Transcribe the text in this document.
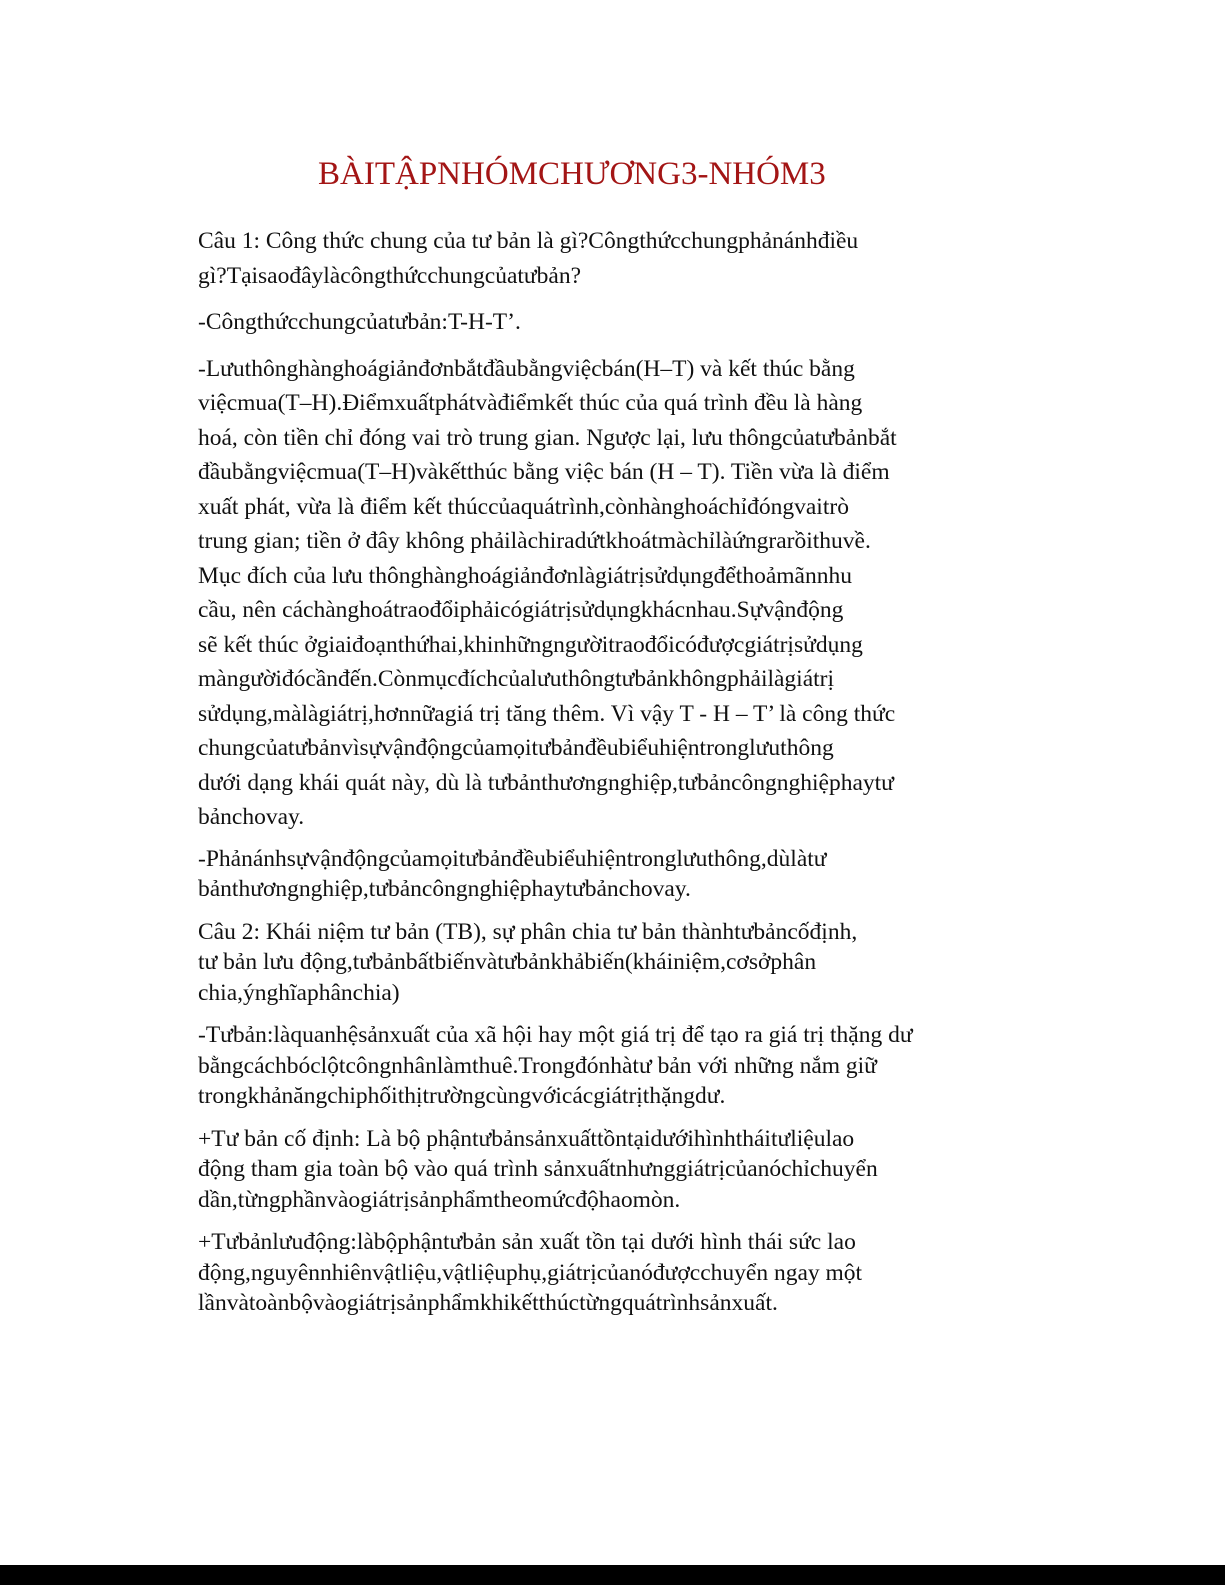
BÀITẬPNHÓMCHƯƠNG3-NHÓM3
Câu 1: Công thức chung của tư bản là gì?Côngthứcchungphảnánhđiều
gì?Tạisaođâylàcôngthứcchungcủatưbản?
-Côngthứcchungcủatưbản:T-H-T’.
-Lưuthônghànghoágiảnđơnbắtđầubằngviệcbán(H–T) và kết thúc bằng
việcmua(T–H).Điểmxuấtphátvàđiểmkết thúc của quá trình đều là hàng
hoá, còn tiền chỉ đóng vai trò trung gian. Ngược lại, lưu thôngcủatưbảnbắt
đầubằngviệcmua(T–H)vàkếtthúc bằng việc bán (H – T). Tiền vừa là điểm
xuất phát, vừa là điểm kết thúccủaquátrình,cònhànghoáchỉđóngvaitrò
trung gian; tiền ở đây không phảilàchiradứtkhoátmàchỉlàứngrarồithuvề.
Mục đích của lưu thônghànghoágiảnđơnlàgiátrịsửdụngđểthoảmãnnhu
cầu, nên cáchànghoátraođổiphảicógiátrịsửdụngkhácnhau.Sựvậnđộng
sẽ kết thúc ởgiaiđoạnthứhai,khinhữngngườitraođổicóđượcgiátrịsửdụng
màngườiđócầnđến.Cònmụcđíchcủalưuthôngtưbảnkhôngphảilàgiátrị
sửdụng,màlàgiátrị,hơnnữagiá trị tăng thêm. Vì vậy T - H – T’ là công thức
chungcủatưbảnvìsựvậnđộngcủamọitưbảnđềubiểuhiệntronglưuthông
dưới dạng khái quát này, dù là tưbảnthươngnghiệp,tưbảncôngnghiệphaytư
bảnchovay.
-Phảnánhsựvậnđộngcủamọitưbảnđềubiểuhiệntronglưuthông,dùlàtư
bảnthươngnghiệp,tưbảncôngnghiệphaytưbảnchovay.
Câu 2: Khái niệm tư bản (TB), sự phân chia tư bản thànhtưbảncốđịnh,
tư bản lưu động,tưbảnbấtbiếnvàtưbảnkhảbiến(kháiniệm,cơsởphân
chia,ýnghĩaphânchia)
-Tưbản:làquanhệsảnxuất của xã hội hay một giá trị để tạo ra giá trị thặng dư
bằngcáchbóclộtcôngnhânlàmthuê.Trongđónhàtư bản với những nắm giữ
trongkhảnăngchiphốithịtrườngcùngvớicácgiátrịthặngdư.
+Tư bản cố định: Là bộ phậntưbảnsảnxuấttồntạidướihìnhtháitưliệulao
động tham gia toàn bộ vào quá trình sảnxuấtnhưnggiátrịcủanóchỉchuyển
dần,từngphầnvàogiátrịsảnphẩmtheomứcđộhaomòn.
+Tưbảnlưuđộng:làbộphậntưbản sản xuất tồn tại dưới hình thái sức lao
động,nguyênnhiênvậtliệu,vậtliệuphụ,giátrịcủanóđượcchuyển ngay một
lầnvàtoànbộvàogiátrịsảnphẩmkhikếtthúctừngquátrìnhsảnxuất.
